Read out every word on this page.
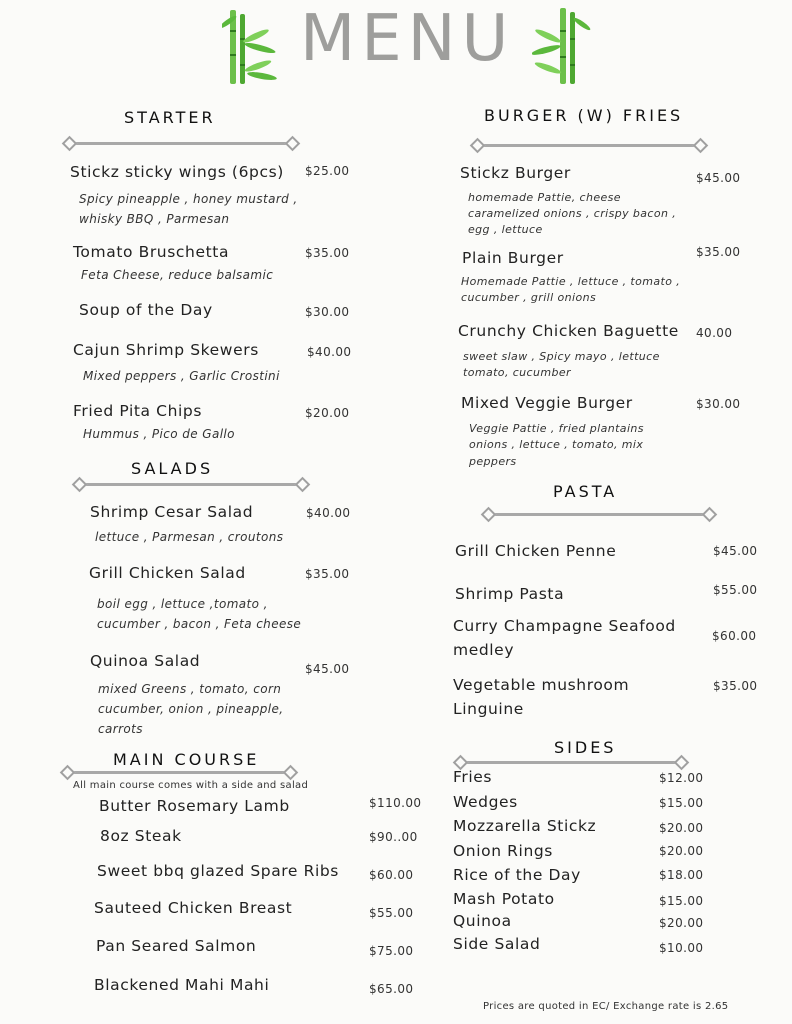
MENU
STARTER
Stickz sticky wings (6pcs) $25.00
Spicy pineapple , honey mustard ,
whisky BBQ , Parmesan
Tomato Bruschetta	$35.00
Feta Cheese, reduce balsamic
Soup of the Day	$30.00
Cajun Shrimp Skewers	$40.00
Mixed peppers , Garlic Crostini
Fried Pita Chips	$20.00
Hummus , Pico de Gallo
SALADS
Shrimp Cesar Salad	$40.00
lettuce , Parmesan , croutons
Grill Chicken Salad	$35.00
boil egg , lettuce ,tomato ,
cucumber , bacon , Feta cheese
Quinoa Salad	$45.00
mixed Greens , tomato, corn
cucumber, onion , pineapple,
carrots
MAIN COURSE
All main course comes with a side and salad
Butter Rosemary Lamb	$110.00
8oz Steak	$90..00
Sweet bbq glazed Spare Ribs	$60.00
Sauteed Chicken Breast	$55.00
Pan Seared Salmon	$75.00
Blackened Mahi Mahi	$65.00
BURGER (W) FRIES
Stickz Burger	$45.00
homemade Pattie, cheese
caramelized onions , crispy bacon ,
egg , lettuce
Plain Burger	$35.00
Homemade Pattie , lettuce , tomato ,
cucumber , grill onions
Crunchy Chicken Baguette 40.00
sweet slaw , Spicy mayo , lettuce
tomato, cucumber
Mixed Veggie Burger	$30.00
Veggie Pattie , fried plantains
onions , lettuce , tomato, mix
peppers
PASTA
Grill Chicken Penne	$45.00
Shrimp Pasta	$55.00
Curry Champagne Seafood
medley
$60.00
Vegetable mushroom
Linguine
$35.00
SIDES
Fries	$12.00
Wedges	$15.00
Mozzarella Stickz	$20.00
Onion Rings	$20.00
Rice of the Day	$18.00
Mash Potato	$15.00
Quinoa	$20.00
Side Salad	$10.00
Prices are quoted in EC/ Exchange rate is 2.65
